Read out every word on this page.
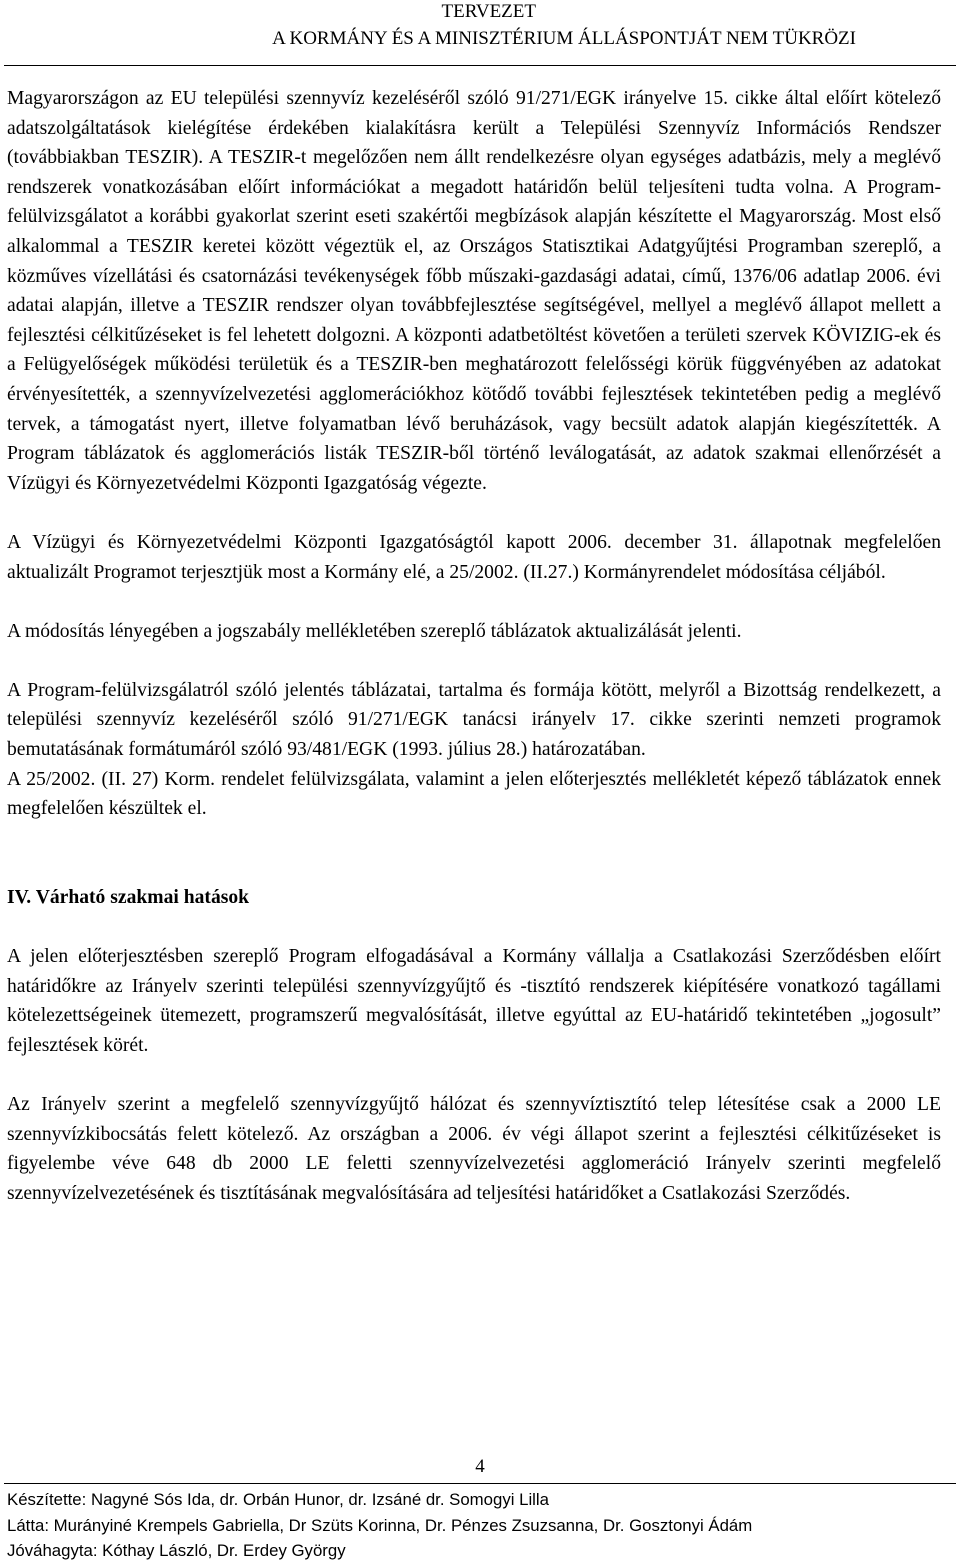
TERVEZET
A KORMÁNY ÉS A MINISZTÉRIUM ÁLLÁSPONTJÁT NEM TÜKRÖZI

Magyarországon az EU települési szennyvíz kezeléséről szóló 91/271/EGK irányelve 15. cikke által előírt kötelező adatszolgáltatások kielégítése érdekében kialakításra került a Települési Szennyvíz Információs Rendszer (továbbiakban TESZIR). A TESZIR-t megelőzően nem állt rendelkezésre olyan egységes adatbázis, mely a meglévő rendszerek vonatkozásában előírt információkat a megadott határidőn belül teljesíteni tudta volna. A Program-felülvizsgálatot a korábbi gyakorlat szerint eseti szakértői megbízások alapján készítette el Magyarország. Most első alkalommal a TESZIR keretei között végeztük el, az Országos Statisztikai Adatgyűjtési Programban szereplő, a közműves vízellátási és csatornázási tevékenységek főbb műszaki-gazdasági adatai, című, 1376/06 adatlap 2006. évi adatai alapján, illetve a TESZIR rendszer olyan továbbfejlesztése segítségével, mellyel a meglévő állapot mellett a fejlesztési célkitűzéseket is fel lehetett dolgozni. A központi adatbetöltést követően a területi szervek KÖVIZIG-ek és a Felügyelőségek működési területük és a TESZIR-ben meghatározott felelősségi körük függvényében az adatokat érvényesítették, a szennyvízelvezetési agglomerációkhoz kötődő további fejlesztések tekintetében pedig a meglévő tervek, a támogatást nyert, illetve folyamatban lévő beruházások, vagy becsült adatok alapján kiegészítették. A Program táblázatok és agglomerációs listák TESZIR-ből történő leválogatását, az adatok szakmai ellenőrzését a Vízügyi és Környezetvédelmi Központi Igazgatóság végezte.

A Vízügyi és Környezetvédelmi Központi Igazgatóságtól kapott 2006. december 31. állapotnak megfelelően aktualizált Programot terjesztjük most a Kormány elé, a 25/2002. (II.27.) Kormányrendelet módosítása céljából.

A módosítás lényegében a jogszabály mellékletében szereplő táblázatok aktualizálását jelenti.

A Program-felülvizsgálatról szóló jelentés táblázatai, tartalma és formája kötött, melyről a Bizottság rendelkezett, a települési szennyvíz kezeléséről szóló 91/271/EGK tanácsi irányelv 17. cikke szerinti nemzeti programok bemutatásának formátumáról szóló 93/481/EGK (1993. július 28.) határozatában.

A 25/2002. (II. 27) Korm. rendelet felülvizsgálata, valamint a jelen előterjesztés mellékletét képező táblázatok ennek megfelelően készültek el.

IV. Várható szakmai hatások

A jelen előterjesztésben szereplő Program elfogadásával a Kormány vállalja a Csatlakozási Szerződésben előírt határidőkre az Irányelv szerinti települési szennyvízgyűjtő és -tisztító rendszerek kiépítésére vonatkozó tagállami kötelezettségeinek ütemezett, programszerű megvalósítását, illetve egyúttal az EU-határidő tekintetében „jogosult” fejlesztések körét.

Az Irányelv szerint a megfelelő szennyvízgyűjtő hálózat és szennyvíztisztító telep létesítése csak a 2000 LE szennyvízkibocsátás felett kötelező. Az országban a 2006. év végi állapot szerint a fejlesztési célkitűzéseket is figyelembe véve 648 db 2000 LE feletti szennyvízelvezetési agglomeráció Irányelv szerinti megfelelő szennyvízelvezetésének és tisztításának megvalósítására ad teljesítési határidőket a Csatlakozási Szerződés.

4
Készítette: Nagyné Sós Ida, dr. Orbán Hunor, dr. Izsáné dr. Somogyi Lilla
Látta: Murányiné Krempels Gabriella, Dr Szüts Korinna, Dr. Pénzes Zsuzsanna, Dr. Gosztonyi Ádám
Jóváhagyta: Kóthay László, Dr. Erdey György
